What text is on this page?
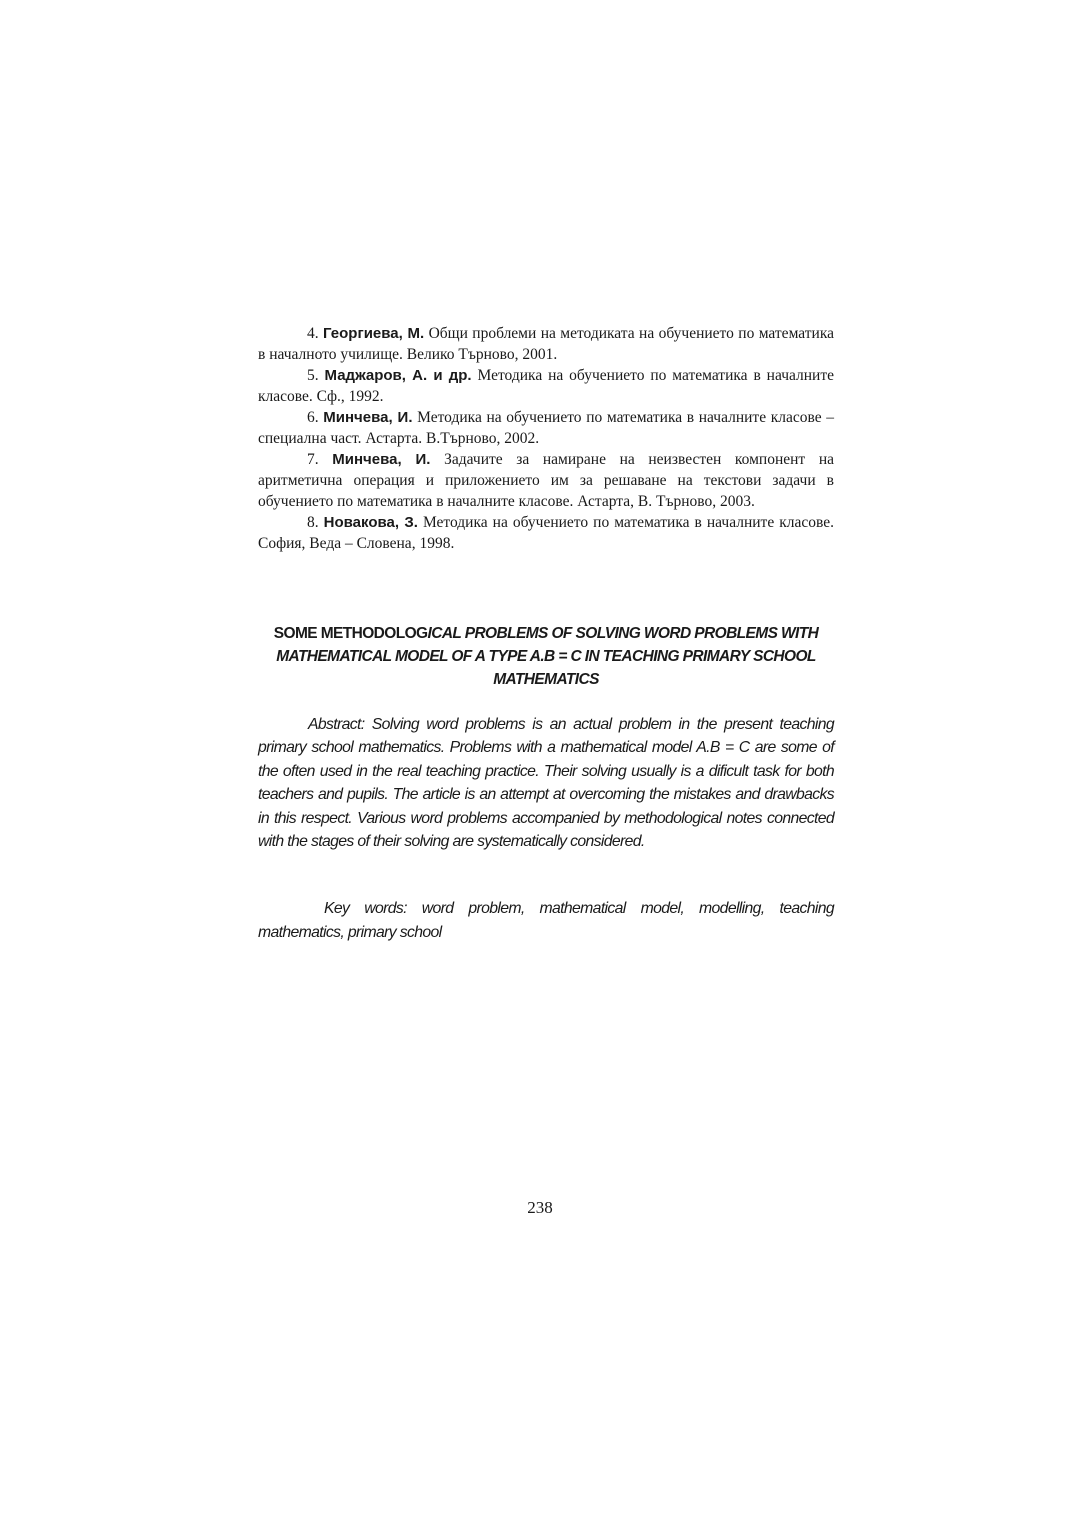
4. Георгиева, М. Общи проблеми на методиката на обучението по математика в началното училище. Велико Търново, 2001.

5. Маджаров, А. и др. Методика на обучението по математика в началните класове. Сф., 1992.

6. Минчева, И. Методика на обучението по математика в началните класове – специална част. Астарта. В.Търново, 2002.

7. Минчева, И. Задачите за намиране на неизвестен компонент на аритметична операция и приложението им за решаване на текстови задачи в обучението по математика в началните класове. Астарта, В. Търново, 2003.

8. Новакова, З. Методика на обучението по математика в началните класове. София, Веда – Словена, 1998.

SOME METHODOLOGICAL PROBLEMS OF SOLVING WORD PROBLEMS WITH MATHEMATICAL MODEL OF A TYPE A.B = C IN TEACHING PRIMARY SCHOOL MATHEMATICS

Abstract: Solving word problems is an actual problem in the present teaching primary school mathematics. Problems with a mathematical model A.B = C are some of the often used in the real teaching practice. Their solving usually is a dificult task for both teachers and pupils. The article is an attempt at overcoming the mistakes and drawbacks in this respect. Various word problems accompanied by methodological notes connected with the stages of their solving are systematically considered.

Key words: word problem, mathematical model, modelling, teaching mathematics, primary school

238
